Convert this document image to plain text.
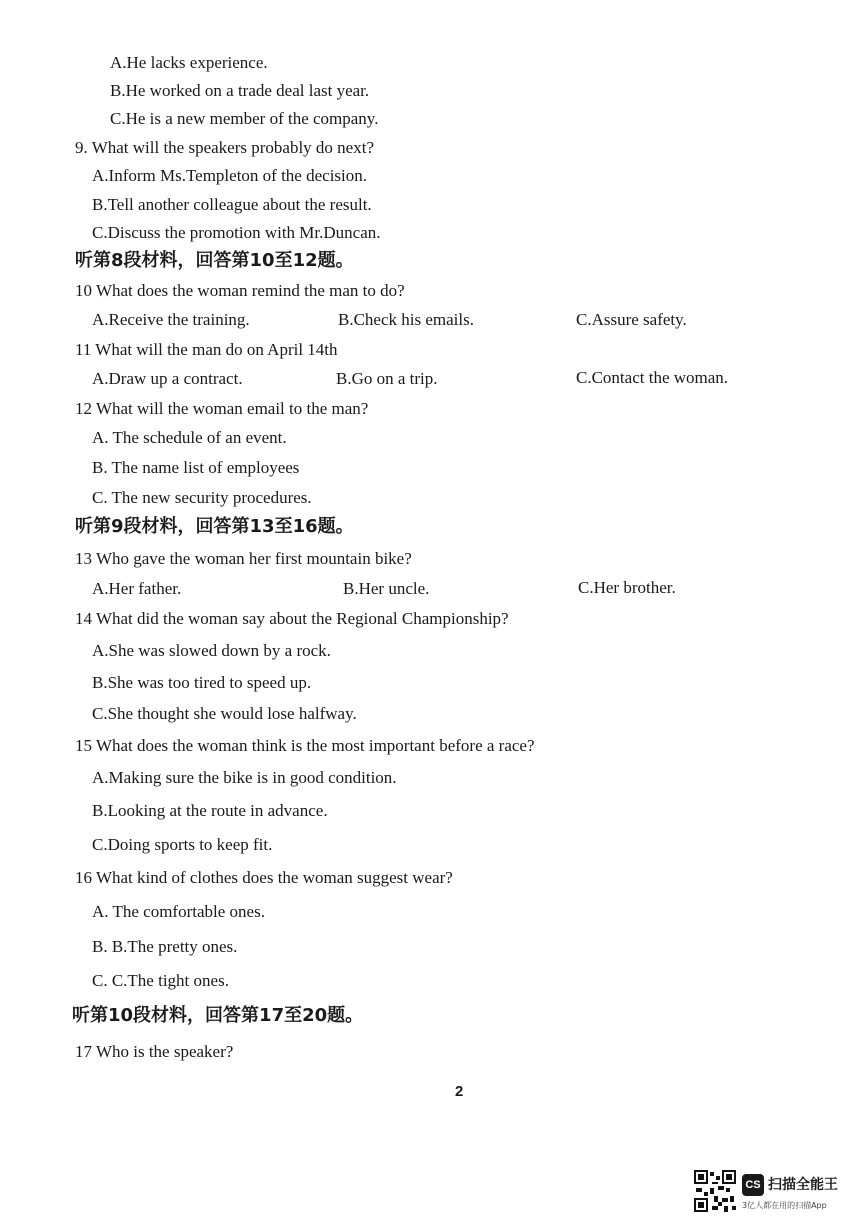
A.He lacks experience.
B.He worked on a trade deal last year.
C.He is a new member of the company.
9. What will the speakers probably do next?
A.Inform Ms.Templeton of the decision.
B.Tell another colleague about the result.
C.Discuss the promotion with Mr.Duncan.
听第8段材料，回答第10至12题。
10 What does the woman remind the man to do?
A.Receive the training.	B.Check his emails.	C.Assure safety.
11 What will the man do on April 14th
A.Draw up a contract.	B.Go on a trip.	C.Contact the woman.
12 What will the woman email to the man?
A. The schedule of an event.
B. The name list of employees
C. The new security procedures.
听第9段材料，回答第13至16题。
13 Who gave the woman her first mountain bike?
A.Her father.	B.Her uncle.	C.Her brother.
14 What did the woman say about the Regional Championship?
A.She was slowed down by a rock.
B.She was too tired to speed up.
C.She thought she would lose halfway.
15 What does the woman think is the most important before a race?
A.Making sure the bike is in good condition.
B.Looking at the route in advance.
C.Doing sports to keep fit.
16 What kind of clothes does the woman suggest wear?
A. The comfortable ones.
B. B.The pretty ones.
C. C.The tight ones.
听第10段材料，回答第17至20题。
17 Who is the speaker?
2
CS 扫描全能王
3亿人都在用的扫描App
